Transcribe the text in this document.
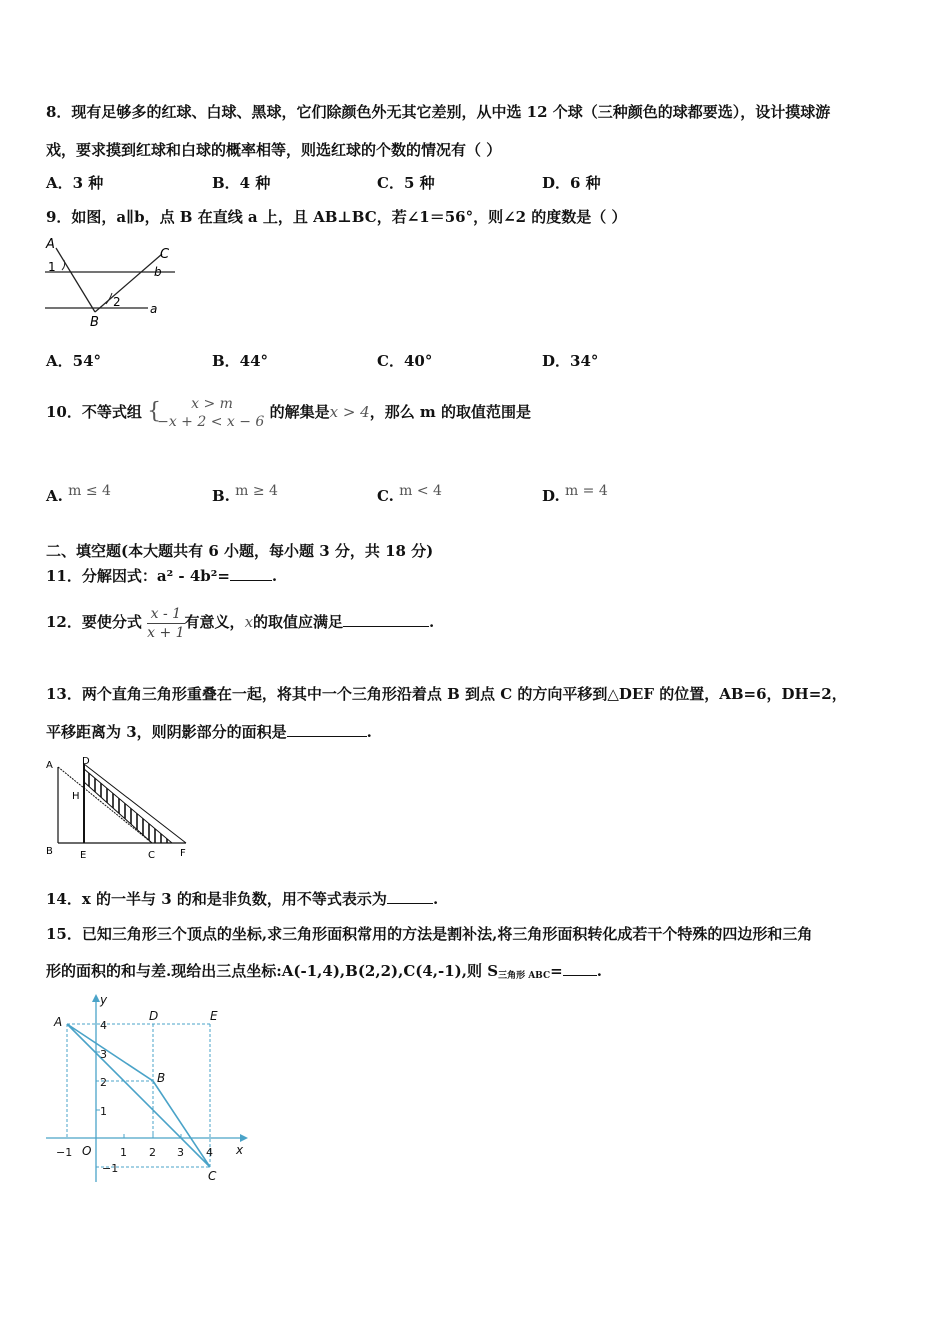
8．现有足够多的红球、白球、黑球，它们除颜色外无其它差别，从中选 12 个球（三种颜色的球都要选），设计摸球游
戏，要求摸到红球和白球的概率相等，则选红球的个数的情况有（ ）
A．3 种	B．4 种	C．5 种	D．6 种
9．如图，a∥b，点 B 在直线 a 上，且 AB⊥BC，若∠1＝56°，则∠2 的度数是（ ）
A
1
C
b
2
B
a
A．54°	B．44°	C．40°	D．34°
10．不等式组 {	x > m
−x + 2 < x − 6
的解集是x > 4，那么 m 的取值范围是
A. m ≤ 4	B. m ≥ 4	C. m < 4	D. m = 4
二、填空题(本大题共有 6 小题，每小题 3 分，共 18 分)
11．分解因式：a² - 4b²=	.
12．要使分式 $\frac{x - 1}{x + 1}$ 有意义，x的取值应满足	.
13．两个直角三角形重叠在一起，将其中一个三角形沿着点 B 到点 C 的方向平移到△DEF 的位置，AB=6，DH=2，
平移距离为 3，则阴影部分的面积是	.
A	D
H
B	E	C	F
14．x 的一半与 3 的和是非负数，用不等式表示为	.
15．已知三角形三个顶点的坐标,求三角形面积常用的方法是割补法,将三角形面积转化成若干个特殊的四边形和三角
形的面积的和与差.现给出三点坐标:A(-1,4),B(2,2),C(4,-1),则 $S_{三角形 ABC}=$ .
y
x
O
−1	1 2 3 4
4
3
2
1
−1
A
B
C
D	E
